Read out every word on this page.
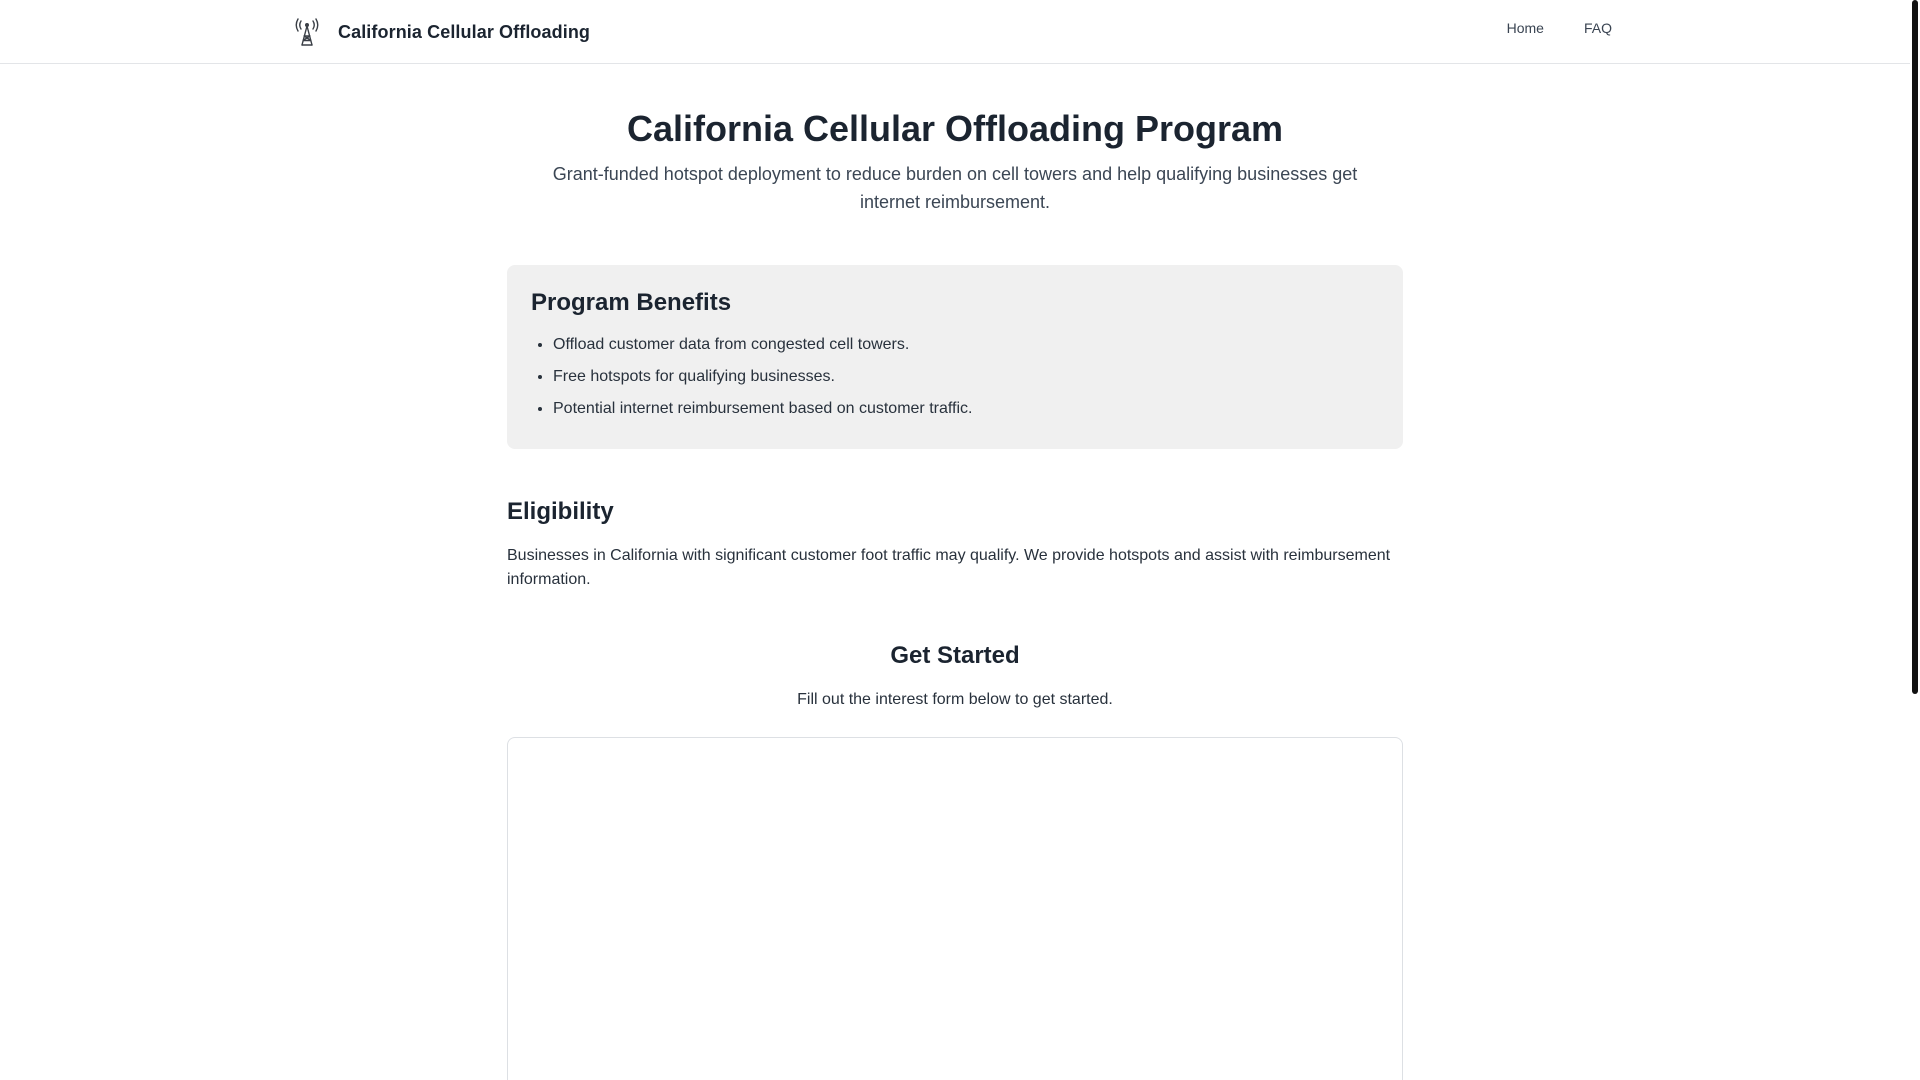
California Cellular Offloading	Home	FAQ
California Cellular Offloading Program

Grant-funded hotspot deployment to reduce burden on cell towers and help qualifying businesses get internet reimbursement.

Program Benefits
• Offload customer data from congested cell towers.
• Free hotspots for qualifying businesses.
• Potential internet reimbursement based on customer traffic.
Eligibility

Businesses in California with significant customer foot traffic may qualify. We provide hotspots and assist with reimbursement information.

Get Started

Fill out the interest form below to get started.
